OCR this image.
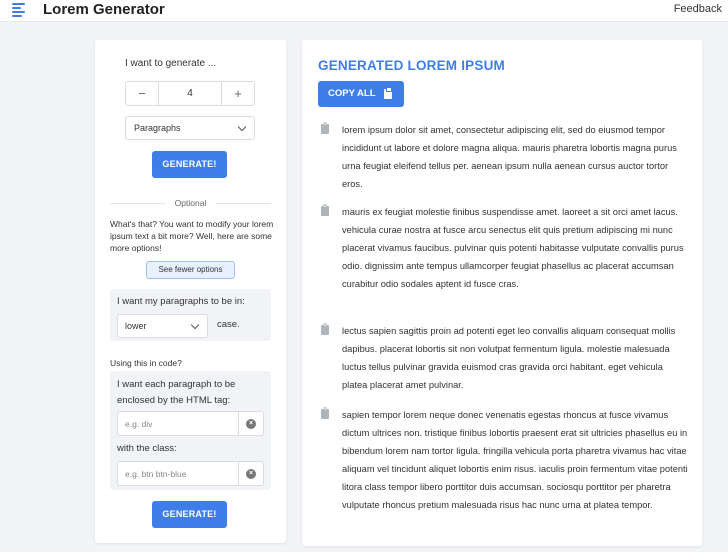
Lorem Generator	Feedback
I want to generate ...
−	4	+
Paragraphs
GENERATE!
Optional
What's that? You want to modify your lorem ipsum text a bit more? Well, here are some more options!
See fewer options
I want my paragraphs to be in:
lower	case.
Using this in code?
I want each paragraph to be enclosed by the HTML tag:
e.g. div
×
with the class:
e.g. btn btn-blue
×
GENERATE!
GENERATED LOREM IPSUM
COPY ALL
lorem ipsum dolor sit amet, consectetur adipiscing elit, sed do eiusmod tempor incididunt ut labore et dolore magna aliqua. mauris pharetra lobortis magna purus urna feugiat eleifend tellus per. aenean ipsum nulla aenean cursus auctor tortor eros.
mauris ex feugiat molestie finibus suspendisse amet. laoreet a sit orci amet lacus. vehicula curae nostra at fusce arcu senectus elit quis pretium adipiscing mi nunc placerat vivamus faucibus. pulvinar quis potenti habitasse vulputate convallis purus odio. dignissim ante tempus ullamcorper feugiat phasellus ac placerat accumsan curabitur odio sodales aptent id fusce cras.
lectus sapien sagittis proin ad potenti eget leo convallis aliquam consequat mollis dapibus. placerat lobortis sit non volutpat fermentum ligula. molestie malesuada luctus tellus pulvinar gravida euismod cras gravida orci habitant. eget vehicula platea placerat amet pulvinar.
sapien tempor lorem neque donec venenatis egestas rhoncus at fusce vivamus dictum ultrices non. tristique finibus lobortis praesent erat sit ultricies phasellus eu in bibendum lorem nam tortor ligula. fringilla vehicula porta pharetra vivamus hac vitae aliquam vel tincidunt aliquet lobortis enim risus. iaculis proin fermentum vitae potenti litora class tempor libero porttitor duis accumsan. sociosqu porttitor per pharetra vulputate rhoncus pretium malesuada risus hac nunc urna at platea tempor.
